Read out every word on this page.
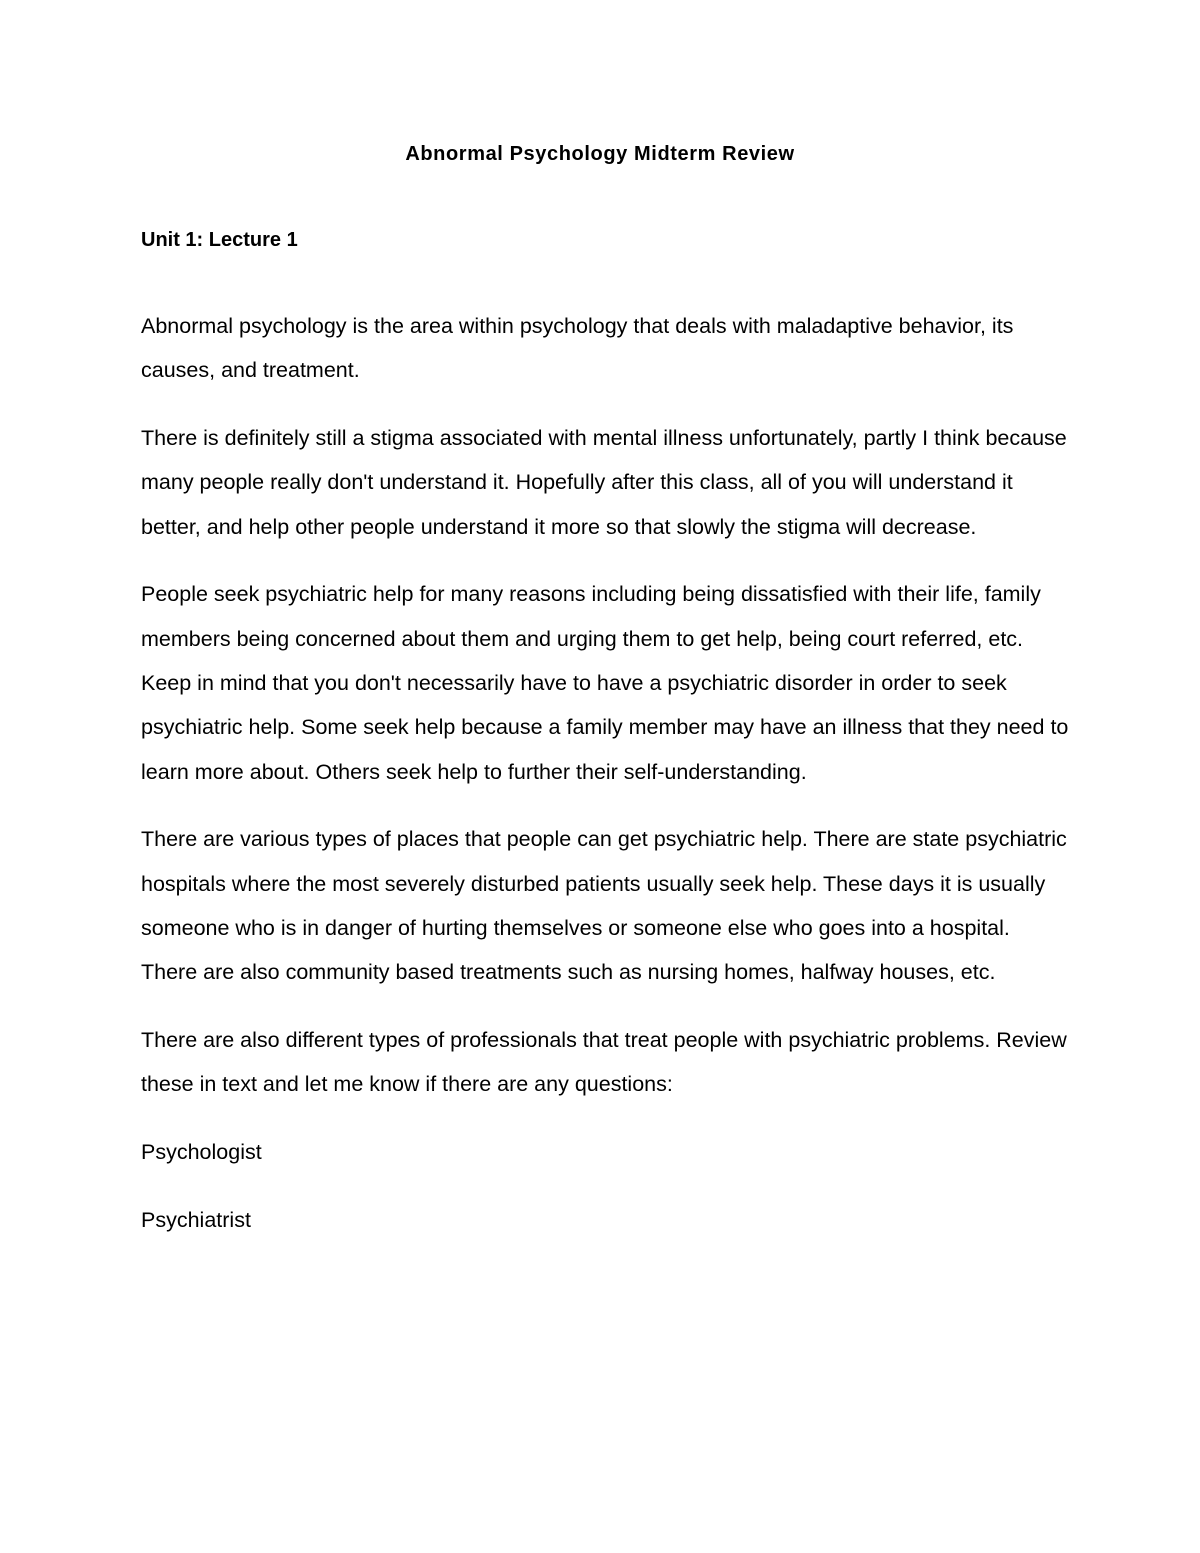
Abnormal Psychology Midterm Review
Unit 1: Lecture 1

Abnormal psychology is the area within psychology that deals with maladaptive behavior, its causes, and treatment.

There is definitely still a stigma associated with mental illness unfortunately, partly I think because many people really don't understand it. Hopefully after this class, all of you will understand it better, and help other people understand it more so that slowly the stigma will decrease.

People seek psychiatric help for many reasons including being dissatisfied with their life, family members being concerned about them and urging them to get help, being court referred, etc. Keep in mind that you don't necessarily have to have a psychiatric disorder in order to seek psychiatric help. Some seek help because a family member may have an illness that they need to learn more about. Others seek help to further their self-understanding.

There are various types of places that people can get psychiatric help. There are state psychiatric hospitals where the most severely disturbed patients usually seek help. These days it is usually someone who is in danger of hurting themselves or someone else who goes into a hospital. There are also community based treatments such as nursing homes, halfway houses, etc.

There are also different types of professionals that treat people with psychiatric problems. Review these in text and let me know if there are any questions:

Psychologist

Psychiatrist
